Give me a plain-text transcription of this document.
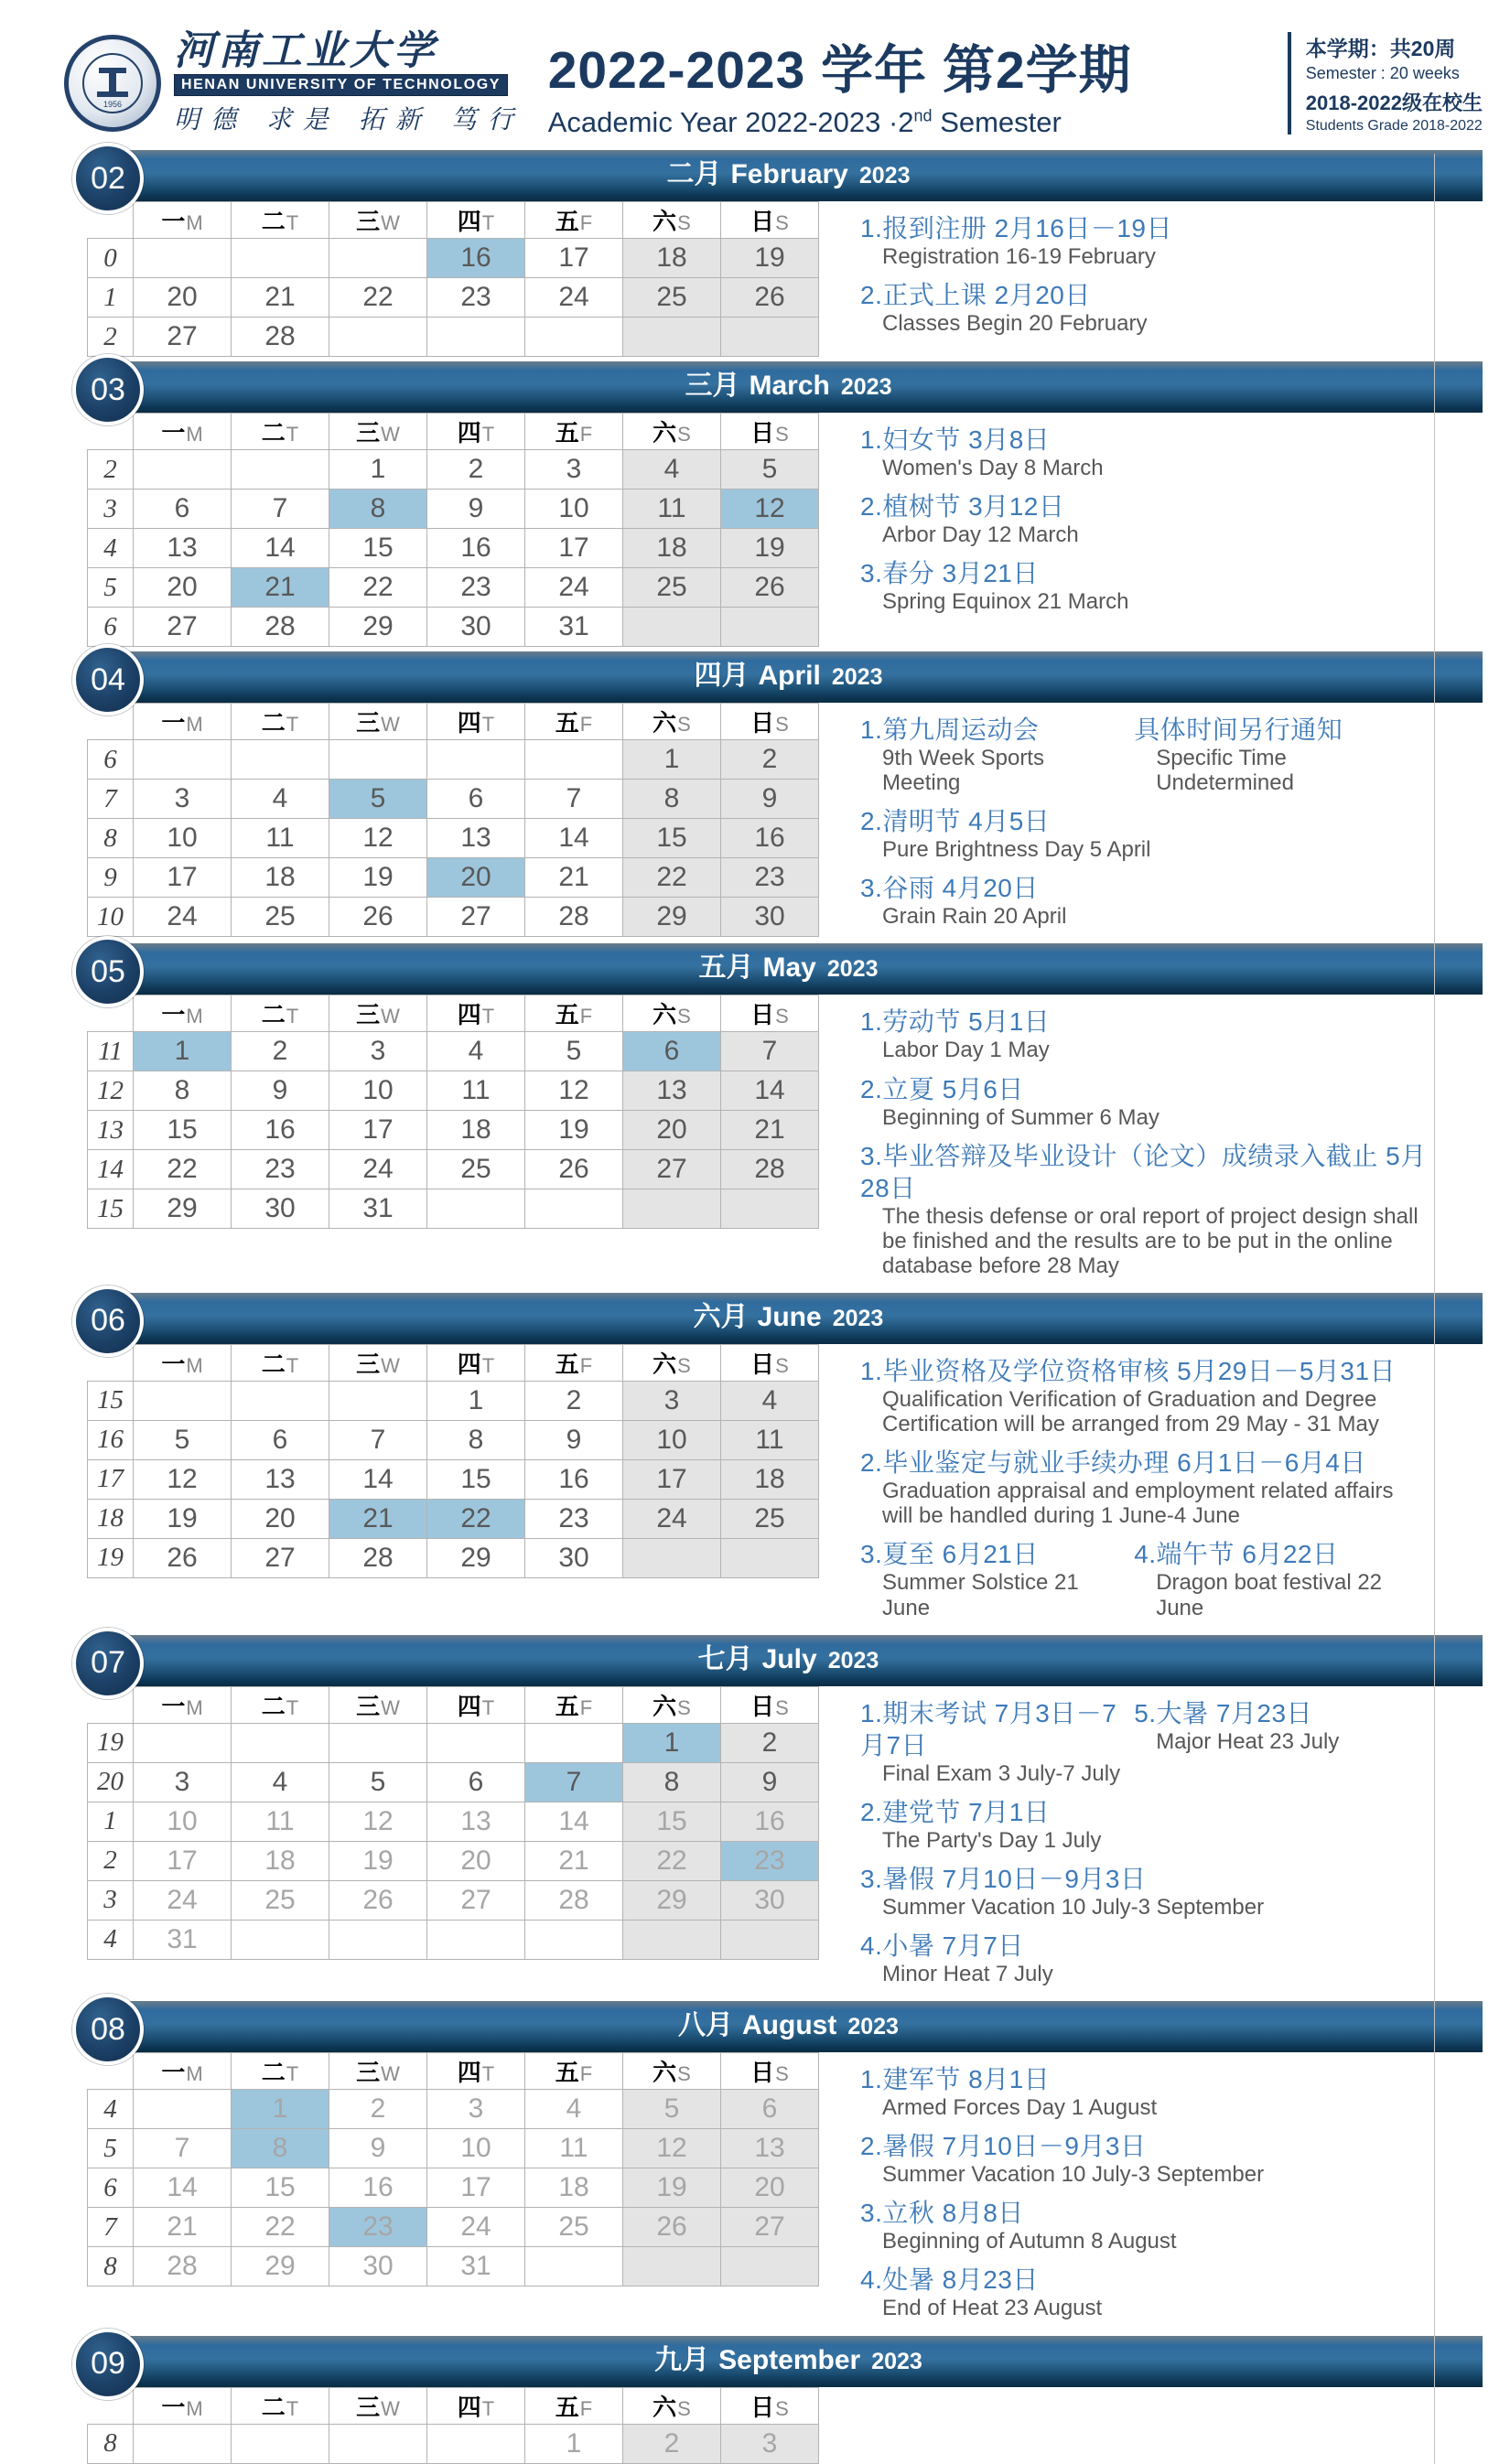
1956
河南工业大学
HENAN UNIVERSITY OF TECHNOLOGY
明德 求是 拓新 笃行
2022-2023 学年 第2学期
Academic Year 2022-2023 ·2nd Semester
本学期：共20周
Semester : 20 weeks
2018-2022级在校生
Students Grade 2018-2022
02	二月 February 2023
	一M	二T	三W	四T	五F	六S	日S
0				16	17	18	19
1	20	21	22	23	24	25	26
2	27	28					
1.报到注册 2月16日－19日
Registration 16-19 February
2.正式上课 2月20日
Classes Begin 20 February
03	三月 March 2023
	一M	二T	三W	四T	五F	六S	日S
2			1	2	3	4	5
3	6	7	8	9	10	11	12
4	13	14	15	16	17	18	19
5	20	21	22	23	24	25	26
6	27	28	29	30	31		
1.妇女节 3月8日
Women's Day 8 March
2.植树节 3月12日
Arbor Day 12 March
3.春分 3月21日
Spring Equinox 21 March
04	四月 April 2023
	一M	二T	三W	四T	五F	六S	日S
6						1	2
7	3	4	5	6	7	8	9
8	10	11	12	13	14	15	16
9	17	18	19	20	21	22	23
10	24	25	26	27	28	29	30
1.第九周运动会
9th Week Sports Meeting
具体时间另行通知
Specific Time Undetermined
2.清明节 4月5日
Pure Brightness Day 5 April
3.谷雨 4月20日
Grain Rain 20 April
05	五月 May 2023
	一M	二T	三W	四T	五F	六S	日S
11	1	2	3	4	5	6	7
12	8	9	10	11	12	13	14
13	15	16	17	18	19	20	21
14	22	23	24	25	26	27	28
15	29	30	31				
1.劳动节 5月1日
Labor Day 1 May
2.立夏 5月6日
Beginning of Summer 6 May
3.毕业答辩及毕业设计（论文）成绩录入截止 5月28日
The thesis defense or oral report of project design shall be finished and the results are to be put in the online database before 28 May
06	六月 June 2023
	一M	二T	三W	四T	五F	六S	日S
15				1	2	3	4
16	5	6	7	8	9	10	11
17	12	13	14	15	16	17	18
18	19	20	21	22	23	24	25
19	26	27	28	29	30		
1.毕业资格及学位资格审核 5月29日－5月31日
Qualification Verification of Graduation and Degree Certification will be arranged from 29 May - 31 May
2.毕业鉴定与就业手续办理 6月1日－6月4日
Graduation appraisal and employment related affairs will be handled during 1 June-4 June
3.夏至 6月21日
Summer Solstice 21 June
4.端午节 6月22日
Dragon boat festival 22 June
07	七月 July 2023
	一M	二T	三W	四T	五F	六S	日S
19						1	2
20	3	4	5	6	7	8	9
1	10	11	12	13	14	15	16
2	17	18	19	20	21	22	23
3	24	25	26	27	28	29	30
4	31						
1.期末考试 7月3日－7月7日
Final Exam 3 July-7 July
5.大暑 7月23日
Major Heat 23 July
2.建党节 7月1日
The Party's Day 1 July
3.暑假 7月10日－9月3日
Summer Vacation 10 July-3 September
4.小暑 7月7日
Minor Heat 7 July
08	八月 August 2023
	一M	二T	三W	四T	五F	六S	日S
4		1	2	3	4	5	6
5	7	8	9	10	11	12	13
6	14	15	16	17	18	19	20
7	21	22	23	24	25	26	27
8	28	29	30	31			
1.建军节 8月1日
Armed Forces Day 1 August
2.暑假 7月10日－9月3日
Summer Vacation 10 July-3 September
3.立秋 8月8日
Beginning of Autumn 8 August
4.处暑 8月23日
End of Heat 23 August
09	九月 September 2023
	一M	二T	三W	四T	五F	六S	日S
8					1	2	3
